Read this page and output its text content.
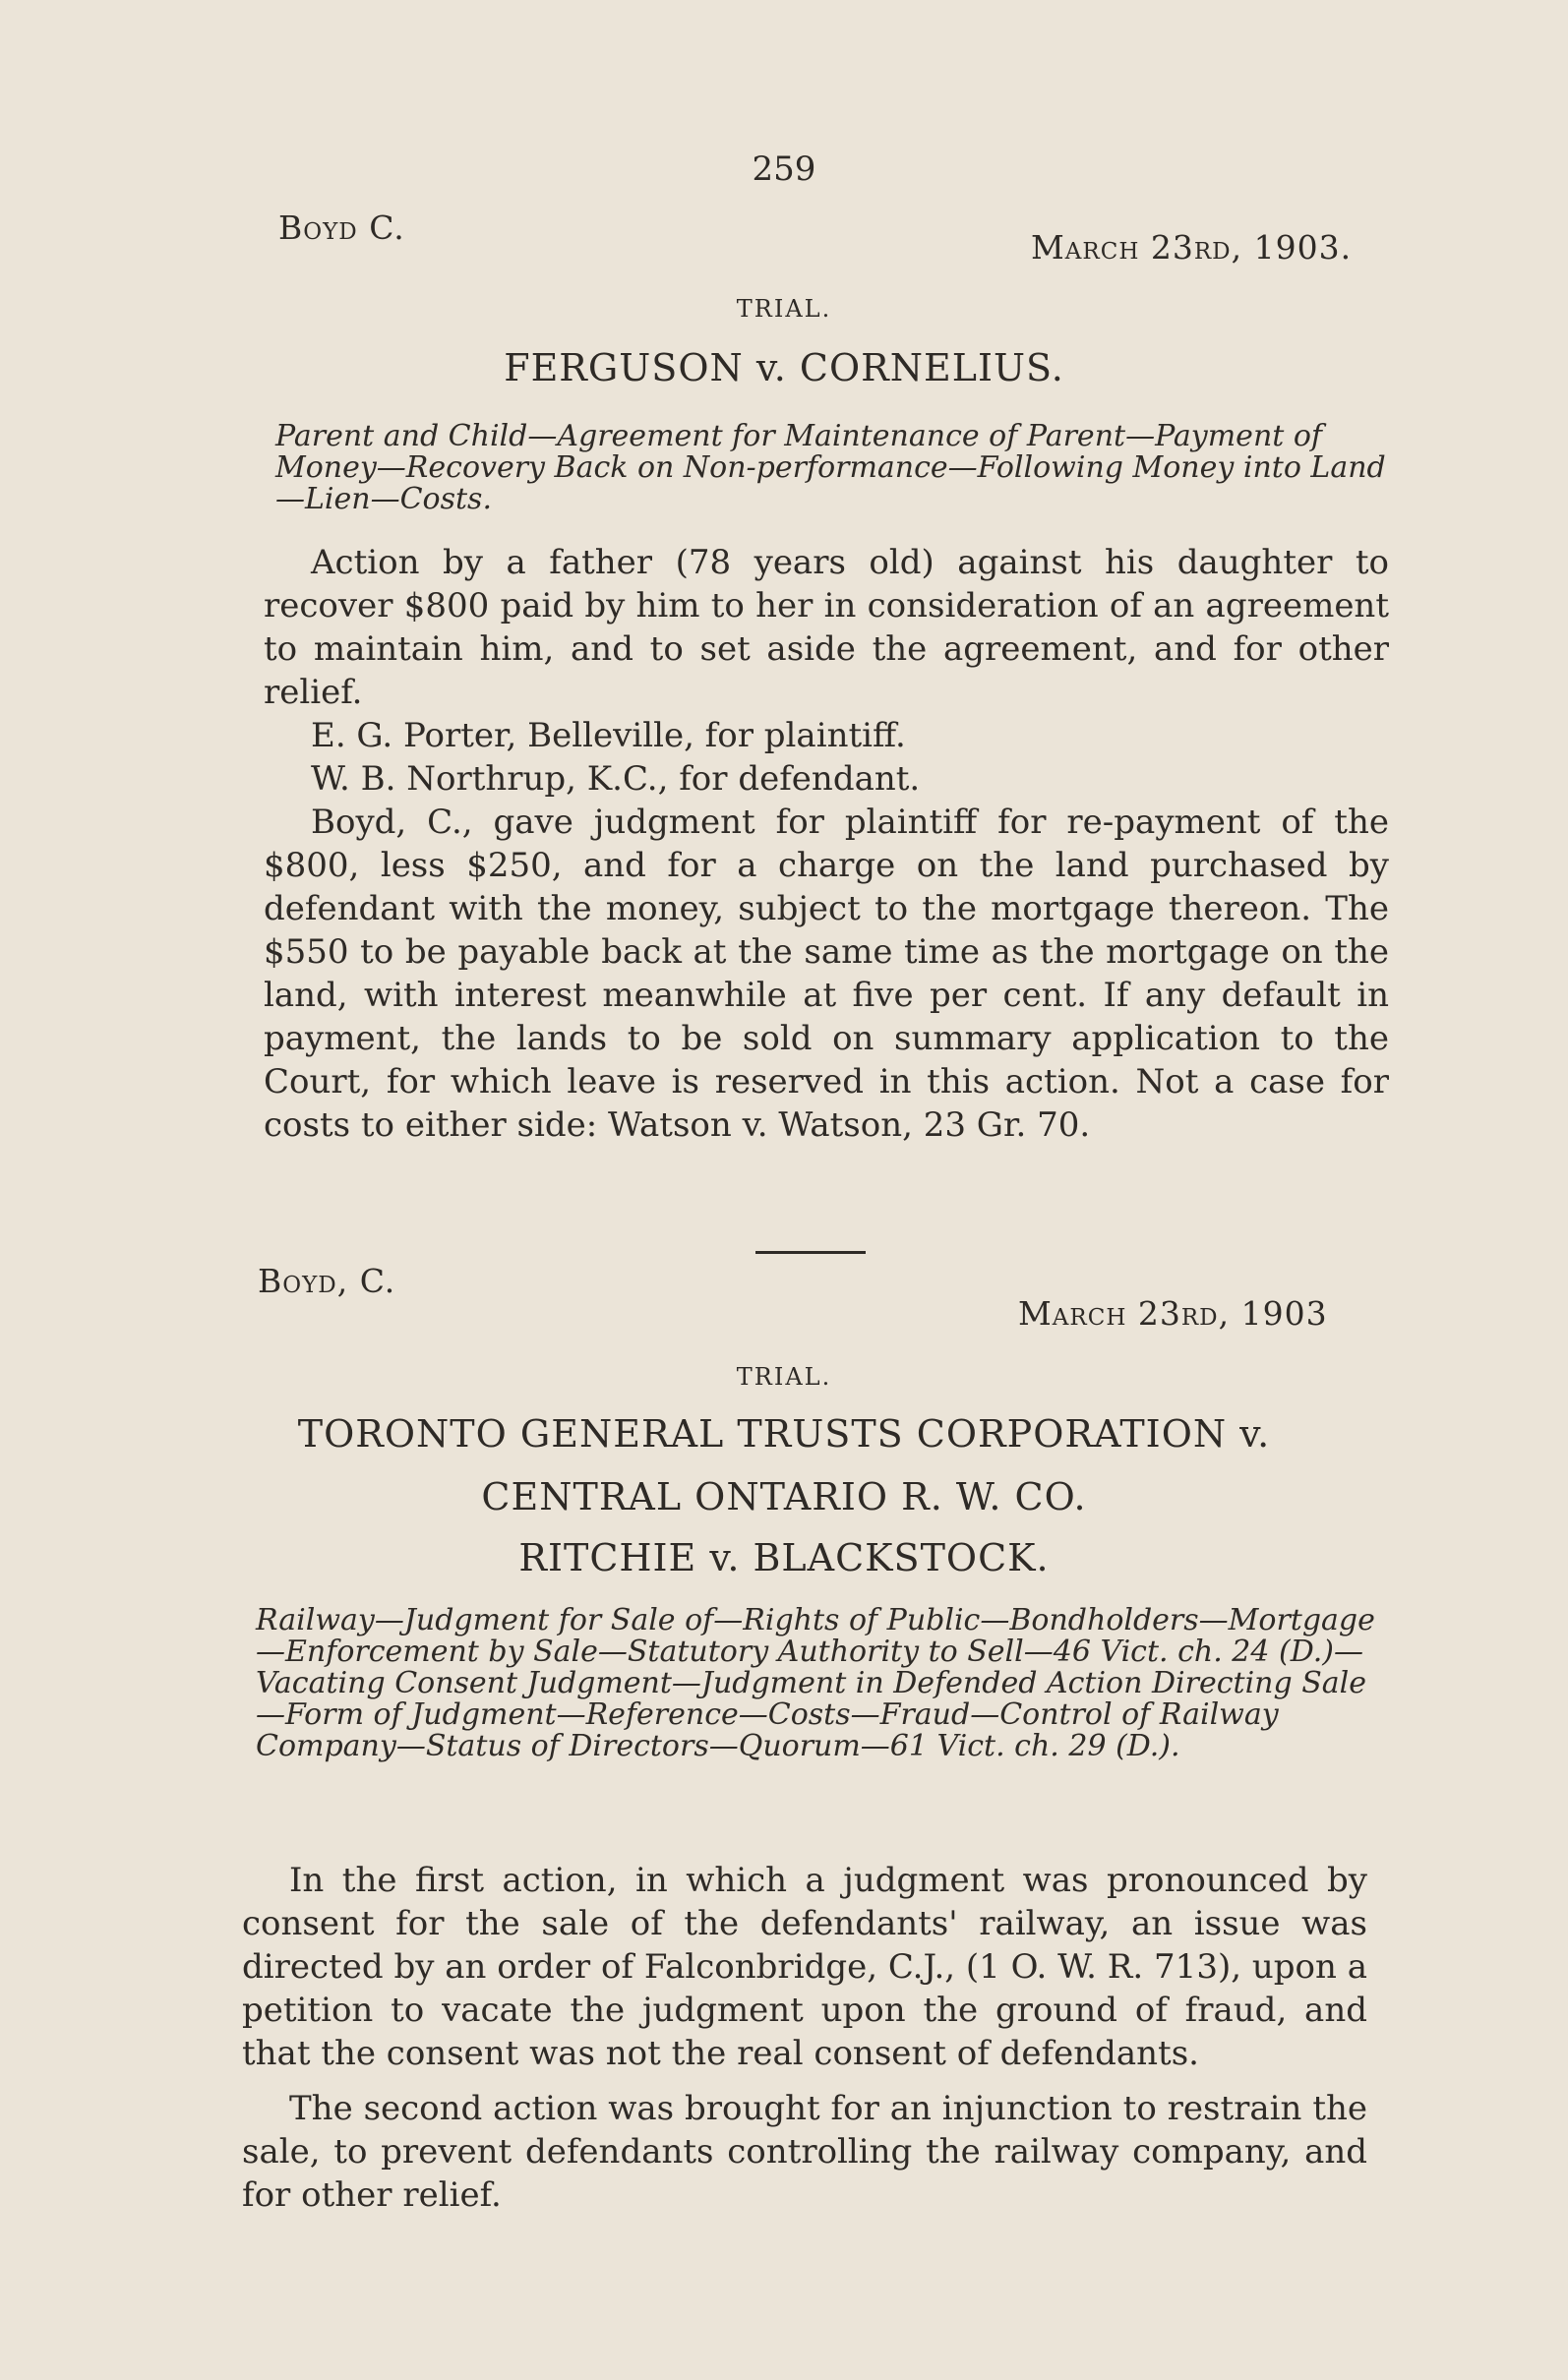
259
Boyd C.
March 23rd, 1903.
TRIAL.
FERGUSON v. CORNELIUS.
Parent and Child—Agreement for Maintenance of Parent—Payment of Money—Recovery Back on Non-performance—Following Money into Land—Lien—Costs.

Action by a father (78 years old) against his daughter to recover $800 paid by him to her in consideration of an agreement to maintain him, and to set aside the agreement, and for other relief.

E. G. Porter, Belleville, for plaintiff.

W. B. Northrup, K.C., for defendant.

Boyd, C., gave judgment for plaintiff for re-payment of the $800, less $250, and for a charge on the land purchased by defendant with the money, subject to the mortgage thereon. The $550 to be payable back at the same time as the mortgage on the land, with interest meanwhile at five per cent. If any default in payment, the lands to be sold on summary application to the Court, for which leave is reserved in this action. Not a case for costs to either side: Watson v. Watson, 23 Gr. 70.

Boyd, C.
March 23rd, 1903
TRIAL.
TORONTO GENERAL TRUSTS CORPORATION v.
CENTRAL ONTARIO R. W. CO.
RITCHIE v. BLACKSTOCK.
Railway—Judgment for Sale of—Rights of Public—Bondholders—Mortgage—Enforcement by Sale—Statutory Authority to Sell—46 Vict. ch. 24 (D.)—Vacating Consent Judgment—Judgment in Defended Action Directing Sale—Form of Judgment—Reference—Costs—Fraud—Control of Railway Company—Status of Directors—Quorum—61 Vict. ch. 29 (D.).

In the first action, in which a judgment was pronounced by consent for the sale of the defendants' railway, an issue was directed by an order of Falconbridge, C.J., (1 O. W. R. 713), upon a petition to vacate the judgment upon the ground of fraud, and that the consent was not the real consent of defendants.

The second action was brought for an injunction to restrain the sale, to prevent defendants controlling the railway company, and for other relief.
